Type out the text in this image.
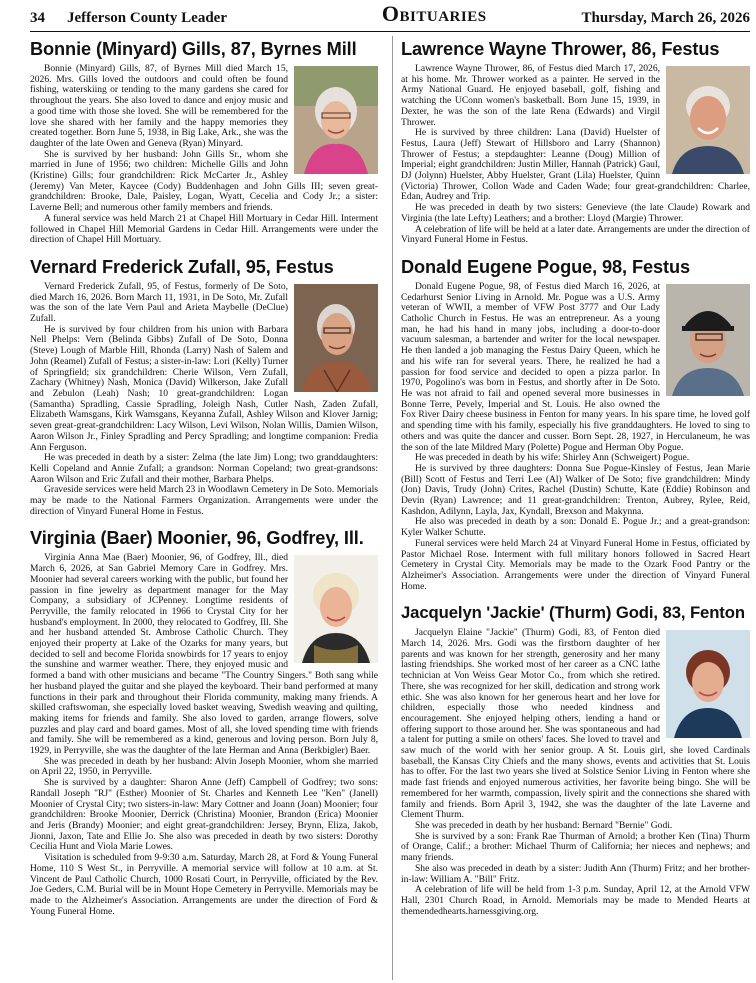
34 Jefferson County Leader	Obituaries	Thursday, March 26, 2026
Bonnie (Minyard) Gills, 87, Byrnes Mill

Bonnie (Minyard) Gills, 87, of Byrnes Mill died March 15, 2026. Mrs. Gills loved the outdoors and could often be found fishing, waterskiing or tending to the many gardens she cared for throughout the years. She also loved to dance and enjoy music and a good time with those she loved. She will be remembered for the love she shared with her family and the happy memories they created together. Born June 5, 1938, in Big Lake, Ark., she was the daughter of the late Owen and Geneva (Ryan) Minyard.

She is survived by her husband: John Gills Sr., whom she married in June of 1956; two children: Michelle Gills and John (Kristine) Gills; four grandchildren: Rick McCarter Jr., Ashley (Jeremy) Van Meter, Kaycee (Cody) Buddenhagen and John Gills III; seven great-grandchildren: Brooke, Dale, Paisley, Logan, Wyatt, Cecelia and Cody Jr.; a sister: Laverne Bell; and numerous other family members and friends.

A funeral service was held March 21 at Chapel Hill Mortuary in Cedar Hill. Interment followed in Chapel Hill Memorial Gardens in Cedar Hill. Arrangements were under the direction of Chapel Hill Mortuary.

Vernard Frederick Zufall, 95, Festus

Vernard Frederick Zufall, 95, of Festus, formerly of De Soto, died March 16, 2026. Born March 11, 1931, in De Soto, Mr. Zufall was the son of the late Vern Paul and Arieta Maybelle (DeClue) Zufall.

He is survived by four children from his union with Barbara Nell Phelps: Vern (Belinda Gibbs) Zufall of De Soto, Donna (Steve) Lough of Marble Hill, Rhonda (Larry) Nash of Salem and John (Reamel) Zufall of Festus; a sister-in-law: Lori (Kelly) Turner of Springfield; six grandchildren: Cherie Wilson, Vern Zufall, Zachary (Whitney) Nash, Monica (David) Wilkerson, Jake Zufall and Zebulon (Leah) Nash; 10 great-grandchildren: Logan (Samantha) Spradling, Cassie Spradling, Joleigh Nash, Cutler Nash, Zaden Zufall, Elizabeth Wamsgans, Kirk Wamsgans, Keyanna Zufall, Ashley Wilson and Klover Jarnig; seven great-great-grandchildren: Lacy Wilson, Levi Wilson, Nolan Willis, Damien Wilson, Aaron Wilson Jr., Finley Spradling and Percy Spradling; and longtime companion: Fredia Ann Ferguson.

He was preceded in death by a sister: Zelma (the late Jim) Long; two granddaughters: Kelli Copeland and Annie Zufall; a grandson: Norman Copeland; two great-grandsons: Aaron Wilson and Eric Zufall and their mother, Barbara Phelps.

Graveside services were held March 23 in Woodlawn Cemetery in De Soto. Memorials may be made to the National Farmers Organization. Arrangements were under the direction of Vinyard Funeral Home in Festus.

Virginia (Baer) Moonier, 96, Godfrey, Ill.

Virginia Anna Mae (Baer) Moonier, 96, of Godfrey, Ill., died March 6, 2026, at San Gabriel Memory Care in Godfrey. Mrs. Moonier had several careers working with the public, but found her passion in fine jewelry as department manager for the May Company, a subsidiary of JCPenney. Longtime residents of Perryville, the family relocated in 1966 to Crystal City for her husband's employment. In 2000, they relocated to Godfrey, Ill. She and her husband attended St. Ambrose Catholic Church. They enjoyed their property at Lake of the Ozarks for many years, but decided to sell and become Florida snowbirds for 17 years to enjoy the sunshine and warmer weather. There, they enjoyed music and formed a band with other musicians and became "The Country Singers." Both sang while her husband played the guitar and she played the keyboard. Their band performed at many functions in their park and throughout their Florida community, making many friends. A skilled craftswoman, she especially loved basket weaving, Swedish weaving and quilting, making items for friends and family. She also loved to garden, arrange flowers, solve puzzles and play card and board games. Most of all, she loved spending time with friends and family. She will be remembered as a kind, generous and loving person. Born July 8, 1929, in Perryville, she was the daughter of the late Herman and Anna (Berkbigler) Baer.

She was preceded in death by her husband: Alvin Joseph Moonier, whom she married on April 22, 1950, in Perryville.

She is survived by a daughter: Sharon Anne (Jeff) Campbell of Godfrey; two sons: Randall Joseph "RJ" (Esther) Moonier of St. Charles and Kenneth Lee "Ken" (Janell) Moonier of Crystal City; two sisters-in-law: Mary Cottner and Joann (Joan) Moonier; four grandchildren: Brooke Moonier, Derrick (Christina) Moonier, Brandon (Erica) Moonier and Jeris (Brandy) Moonier; and eight great-grandchildren: Jersey, Brynn, Eliza, Jakob, Jionni, Jaxon, Tate and Ellie Jo. She also was preceded in death by two sisters: Dorothy Cecilia Hunt and Viola Marie Lowes.

Visitation is scheduled from 9-9:30 a.m. Saturday, March 28, at Ford & Young Funeral Home, 110 S West St., in Perryville. A memorial service will follow at 10 a.m. at St. Vincent de Paul Catholic Church, 1000 Rosati Court, in Perryville, officiated by the Rev. Joe Geders, C.M. Burial will be in Mount Hope Cemetery in Perryville. Memorials may be made to the Alzheimer's Association. Arrangements are under the direction of Ford & Young Funeral Home.

Lawrence Wayne Thrower, 86, Festus

Lawrence Wayne Thrower, 86, of Festus died March 17, 2026, at his home. Mr. Thrower worked as a painter. He served in the Army National Guard. He enjoyed baseball, golf, fishing and watching the UConn women's basketball. Born June 15, 1939, in Dexter, he was the son of the late Rena (Edwards) and Virgil Thrower.

He is survived by three children: Lana (David) Huelster of Festus, Laura (Jeff) Stewart of Hillsboro and Larry (Shannon) Thrower of Festus; a stepdaughter: Leanne (Doug) Million of Imperial; eight grandchildren: Justin Miller, Hannah (Patrick) Gaul, DJ (Jolynn) Huelster, Abby Huelster, Grant (Lila) Huelster, Quinn (Victoria) Thrower, Collon Wade and Caden Wade; four great-grandchildren: Charlee, Edan, Audrey and Trip.

He was preceded in death by two sisters: Genevieve (the late Claude) Rowark and Virginia (the late Lefty) Leathers; and a brother: Lloyd (Margie) Thrower.

A celebration of life will be held at a later date. Arrangements are under the direction of Vinyard Funeral Home in Festus.

Donald Eugene Pogue, 98, Festus

Donald Eugene Pogue, 98, of Festus died March 16, 2026, at Cedarhurst Senior Living in Arnold. Mr. Pogue was a U.S. Army veteran of WWII, a member of VFW Post 3777 and Our Lady Catholic Church in Festus. He was an entrepreneur. As a young man, he had his hand in many jobs, including a door-to-door vacuum salesman, a bartender and writer for the local newspaper. He then landed a job managing the Festus Dairy Queen, which he and his wife ran for several years. There, he realized he had a passion for food service and decided to open a pizza parlor. In 1970, Pogolino's was born in Festus, and shortly after in De Soto. He was not afraid to fail and opened several more businesses in Bonne Terre, Pevely, Imperial and St. Louis. He also owned the Fox River Dairy cheese business in Fenton for many years. In his spare time, he loved golf and spending time with his family, especially his five granddaughters. He loved to sing to others and was quite the dancer and cusser. Born Sept. 28, 1927, in Herculaneum, he was the son of the late Mildred Mary (Polette) Pogue and Herman Oby Pogue.

He was preceded in death by his wife: Shirley Ann (Schweigert) Pogue.

He is survived by three daughters: Donna Sue Pogue-Kinsley of Festus, Jean Marie (Bill) Scott of Festus and Terri Lee (Al) Walker of De Soto; five grandchildren: Mindy (Jon) Davis, Trudy (John) Crites, Rachel (Dustin) Schutte, Kate (Eddie) Robinson and Devin (Ryan) Lawrence; and 11 great-grandchildren: Trenton, Aubrey, Rylee, Reid, Kashdon, Adilynn, Layla, Jax, Kyndall, Brexson and Makynna.

He also was preceded in death by a son: Donald E. Pogue Jr.; and a great-grandson: Kyler Walker Schutte.

Funeral services were held March 24 at Vinyard Funeral Home in Festus, officiated by Pastor Michael Rose. Interment with full military honors followed in Sacred Heart Cemetery in Crystal City. Memorials may be made to the Ozark Food Pantry or the Alzheimer's Association. Arrangements were under the direction of Vinyard Funeral Home.

Jacquelyn 'Jackie' (Thurm) Godi, 83, Fenton

Jacquelyn Elaine "Jackie" (Thurm) Godi, 83, of Fenton died March 14, 2026. Mrs. Godi was the firstborn daughter of her parents and was known for her strength, generosity and her many lasting friendships. She worked most of her career as a CNC lathe technician at Von Weiss Gear Motor Co., from which she retired. There, she was recognized for her skill, dedication and strong work ethic. She was also known for her generous heart and her love for children, especially those who needed kindness and encouragement. She enjoyed helping others, lending a hand or offering support to those around her. She was spontaneous and had a talent for putting a smile on others' faces. She loved to travel and saw much of the world with her senior group. A St. Louis girl, she loved Cardinals baseball, the Kansas City Chiefs and the many shows, events and activities that St. Louis has to offer. For the last two years she lived at Solstice Senior Living in Fenton where she made fast friends and enjoyed numerous activities, her favorite being bingo. She will be remembered for her warmth, compassion, lively spirit and the connections she shared with family and friends. Born April 3, 1942, she was the daughter of the late Laverne and Clement Thurm.

She was preceded in death by her husband: Bernard "Bernie" Godi.

She is survived by a son: Frank Rae Thurman of Arnold; a brother Ken (Tina) Thurm of Orange, Calif.; a brother: Michael Thurm of California; her nieces and nephews; and many friends.

She also was preceded in death by a sister: Judith Ann (Thurm) Fritz; and her brother-in-law: William A. "Bill" Fritz.

A celebration of life will be held from 1-3 p.m. Sunday, April 12, at the Arnold VFW Hall, 2301 Church Road, in Arnold. Memorials may be made to Mended Hearts at themendedhearts.harnessgiving.org.
